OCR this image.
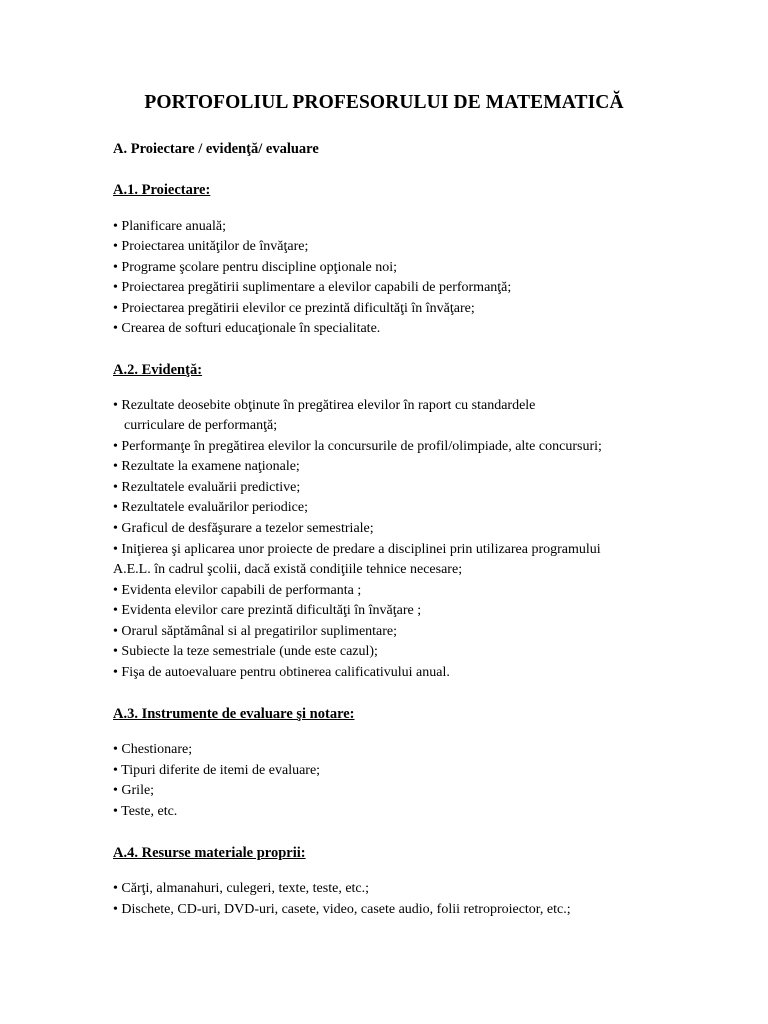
PORTOFOLIUL PROFESORULUI DE MATEMATICĂ
A. Proiectare / evidenţă/ evaluare
A.1. Proiectare:
• Planificare anuală;
• Proiectarea unităţilor de învăţare;
• Programe şcolare pentru discipline opţionale noi;
• Proiectarea pregătirii suplimentare a elevilor capabili de performanţă;
• Proiectarea pregătirii elevilor ce prezintă dificultăţi în învăţare;
• Crearea de softuri educaţionale în specialitate.
A.2. Evidenţă:
• Rezultate deosebite obţinute în pregătirea elevilor în raport cu standardele
curriculare de performanţă;
• Performanţe în pregătirea elevilor la concursurile de profil/olimpiade, alte concursuri;
• Rezultate la examene naţionale;
• Rezultatele evaluării predictive;
• Rezultatele evaluărilor periodice;
• Graficul de desfăşurare a tezelor semestriale;
• Iniţierea şi aplicarea unor proiecte de predare a disciplinei prin utilizarea programului
A.E.L. în cadrul şcolii, dacă există condiţiile tehnice necesare;
• Evidenta elevilor capabili de performanta ;
• Evidenta elevilor care prezintă dificultăţi în învăţare ;
• Orarul săptămânal si al pregatirilor suplimentare;
• Subiecte la teze semestriale (unde este cazul);
• Fişa de autoevaluare pentru obtinerea calificativului anual.
A.3. Instrumente de evaluare şi notare:
• Chestionare;
• Tipuri diferite de itemi de evaluare;
• Grile;
• Teste, etc.
A.4. Resurse materiale proprii:
• Cărţi, almanahuri, culegeri, texte, teste, etc.;
• Dischete, CD-uri, DVD-uri, casete, video, casete audio, folii retroproiector, etc.;
